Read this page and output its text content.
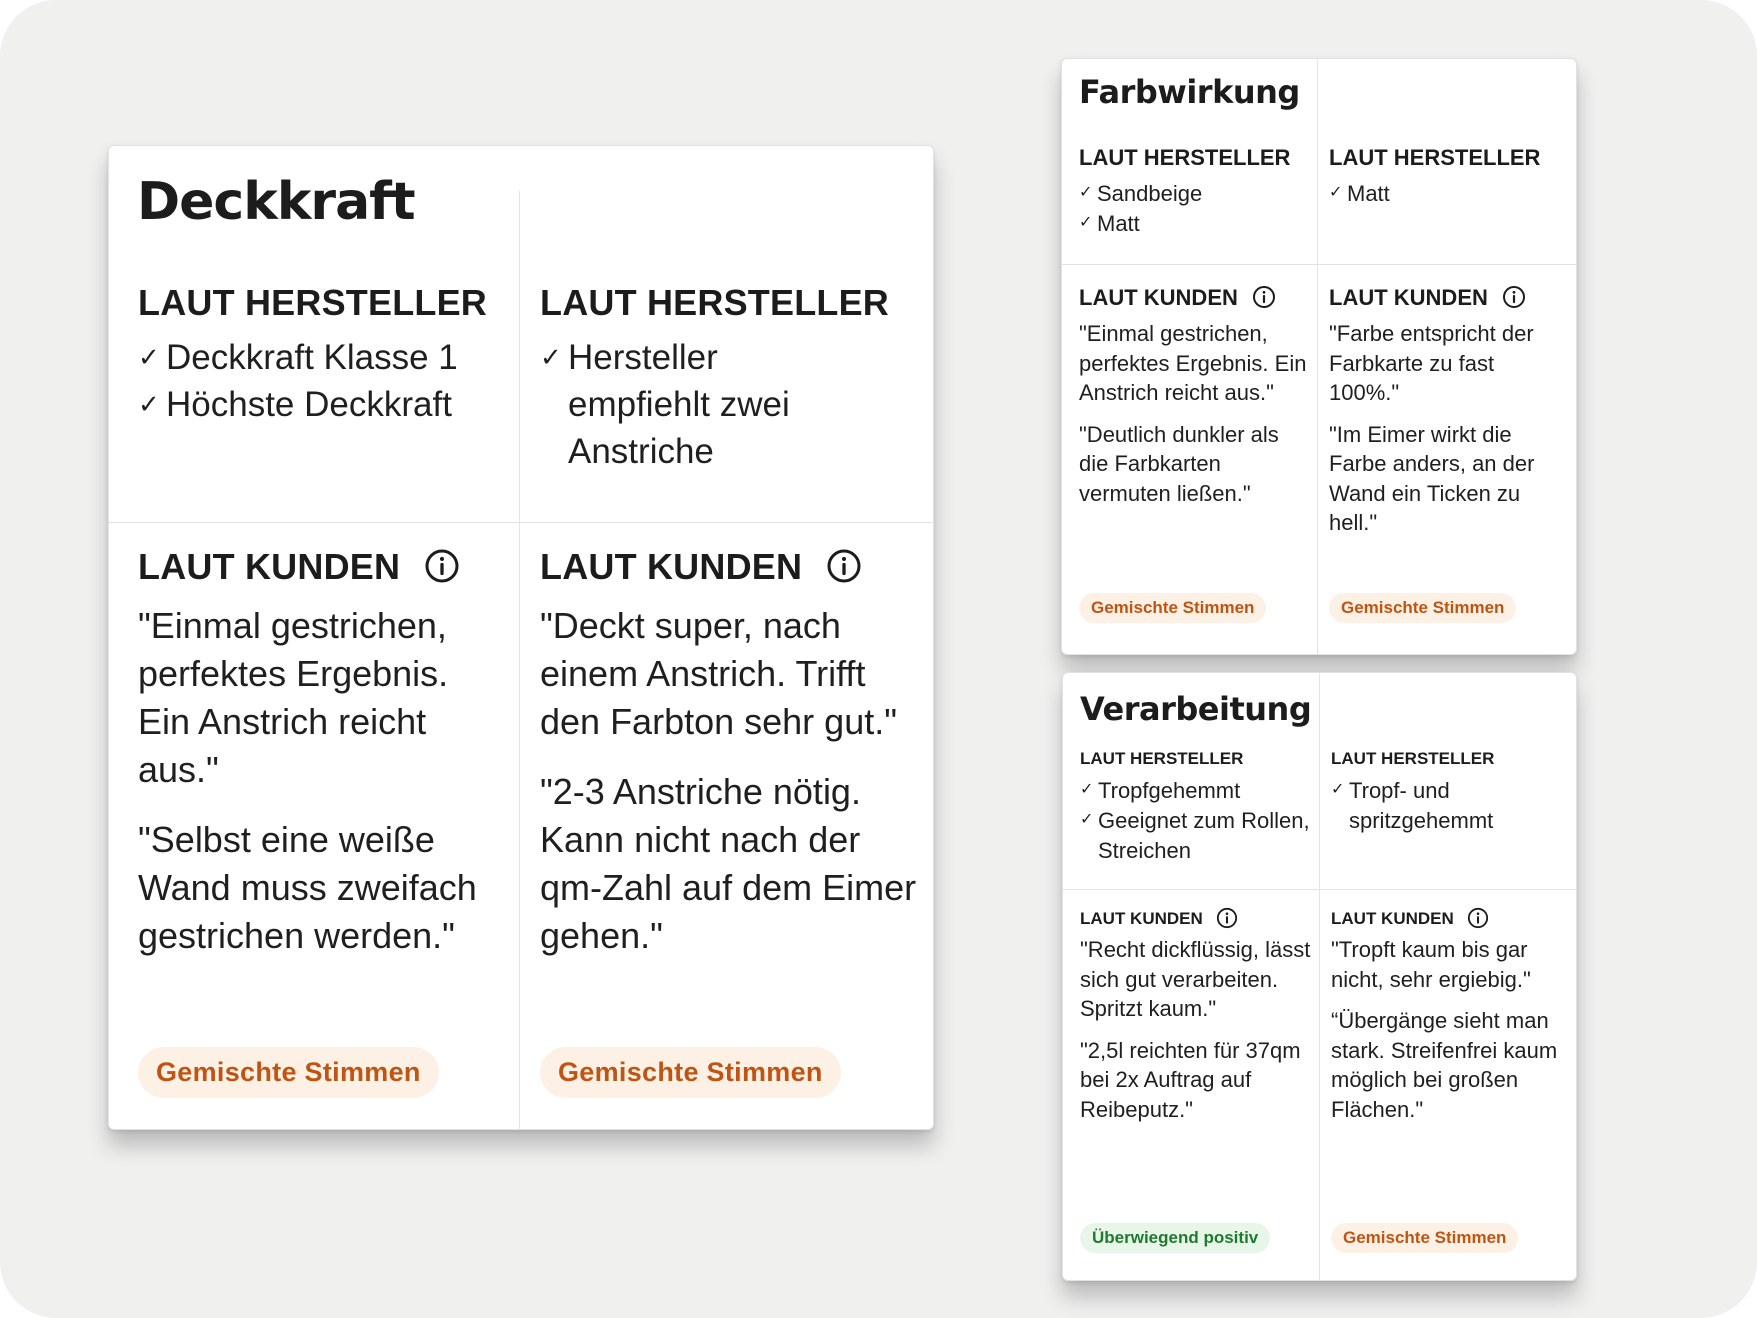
Deckkraft
LAUT HERSTELLER
✓ Deckkraft Klasse 1
✓ Höchste Deckkraft
LAUT KUNDEN

"Einmal gestrichen, perfektes Ergebnis. Ein Anstrich reicht aus."

"Selbst eine weiße Wand muss zweifach gestrichen werden."

Gemischte Stimmen
LAUT HERSTELLER
✓ Hersteller empfiehlt zwei Anstriche
LAUT KUNDEN

"Deckt super, nach einem Anstrich. Trifft den Farbton sehr gut."

"2-3 Anstriche nötig. Kann nicht nach der qm-Zahl auf dem Eimer gehen."

Gemischte Stimmen
Farbwirkung
LAUT HERSTELLER
✓ Sandbeige
✓ Matt
LAUT KUNDEN

"Einmal gestrichen, perfektes Ergebnis. Ein Anstrich reicht aus."

"Deutlich dunkler als die Farbkarten vermuten ließen."

Gemischte Stimmen
LAUT HERSTELLER
✓ Matt
LAUT KUNDEN

"Farbe entspricht der Farbkarte zu fast 100%."

"Im Eimer wirkt die Farbe anders, an der Wand ein Ticken zu hell."

Gemischte Stimmen
Verarbeitung
LAUT HERSTELLER
✓ Tropfgehemmt
✓ Geeignet zum Rollen, Streichen
LAUT KUNDEN

"Recht dickflüssig, lässt sich gut verarbeiten. Spritzt kaum."

"2,5l reichten für 37qm bei 2x Auftrag auf Reibeputz."

Überwiegend positiv
LAUT HERSTELLER
✓ Tropf- und spritzgehemmt
LAUT KUNDEN

"Tropft kaum bis gar nicht, sehr ergiebig."

“Übergänge sieht man stark. Streifenfrei kaum möglich bei großen Flächen."

Gemischte Stimmen
